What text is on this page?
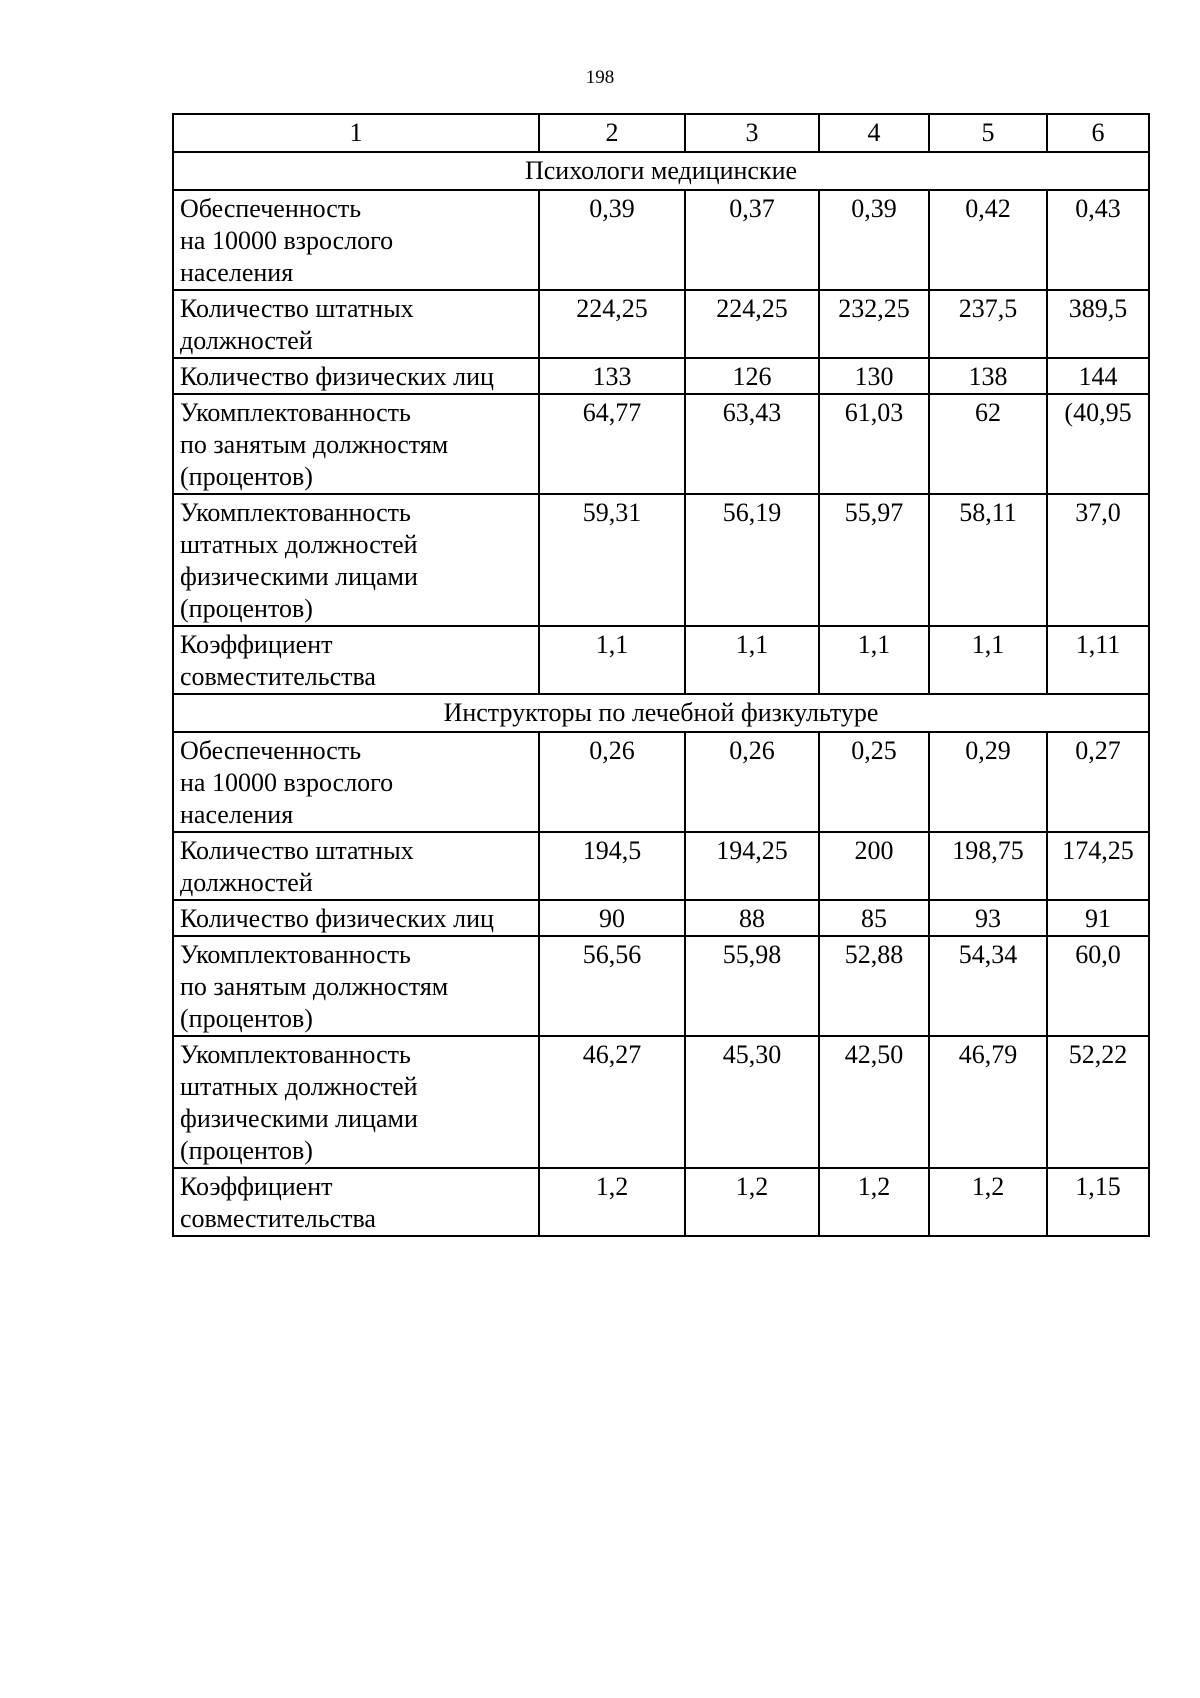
198
1	2	3	4	5	6
Психологи медицинские					
Обеспеченность
на 10000 взрослого
населения	0,39	0,37	0,39	0,42	0,43
Количество штатных
должностей	224,25	224,25	232,25	237,5	389,5
Количество физических лиц	133	126	130	138	144
Укомплектованность
по занятым должностям
(процентов)	64,77	63,43	61,03	62	(40,95
Укомплектованность
штатных должностей
физическими лицами
(процентов)	59,31	56,19	55,97	58,11	37,0
Коэффициент
совместительства	1,1	1,1	1,1	1,1	1,11
Инструкторы по лечебной физкультуре					
Обеспеченность
на 10000 взрослого
населения	0,26	0,26	0,25	0,29	0,27
Количество штатных
должностей	194,5	194,25	200	198,75	174,25
Количество физических лиц	90	88	85	93	91
Укомплектованность
по занятым должностям
(процентов)	56,56	55,98	52,88	54,34	60,0
Укомплектованность
штатных должностей
физическими лицами
(процентов)	46,27	45,30	42,50	46,79	52,22
Коэффициент
совместительства	1,2	1,2	1,2	1,2	1,15
